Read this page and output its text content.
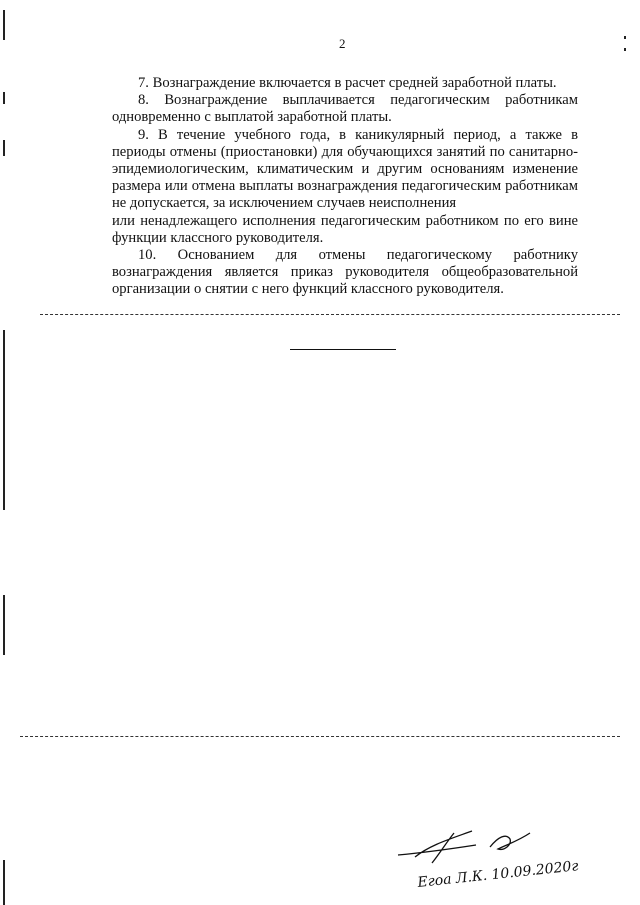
2

7. Вознаграждение включается в расчет средней заработной платы.

8. Вознаграждение выплачивается педагогическим работникам одновременно с выплатой заработной платы.

9. В течение учебного года, в каникулярный период, а также в периоды отмены (приостановки) для обучающихся занятий по санитарно-эпидемиологическим, климатическим и другим основаниям изменение размера или отмена выплаты вознаграждения педагогическим работникам не допускается, за исключением случаев неисполнения

или ненадлежащего исполнения педагогическим работником по его вине функции классного руководителя.

10. Основанием для отмены педагогическому работнику вознаграждения является приказ руководителя общеобразовательной организации о снятии с него функций классного руководителя.

Егоа Л.К. 10.09.2020г
